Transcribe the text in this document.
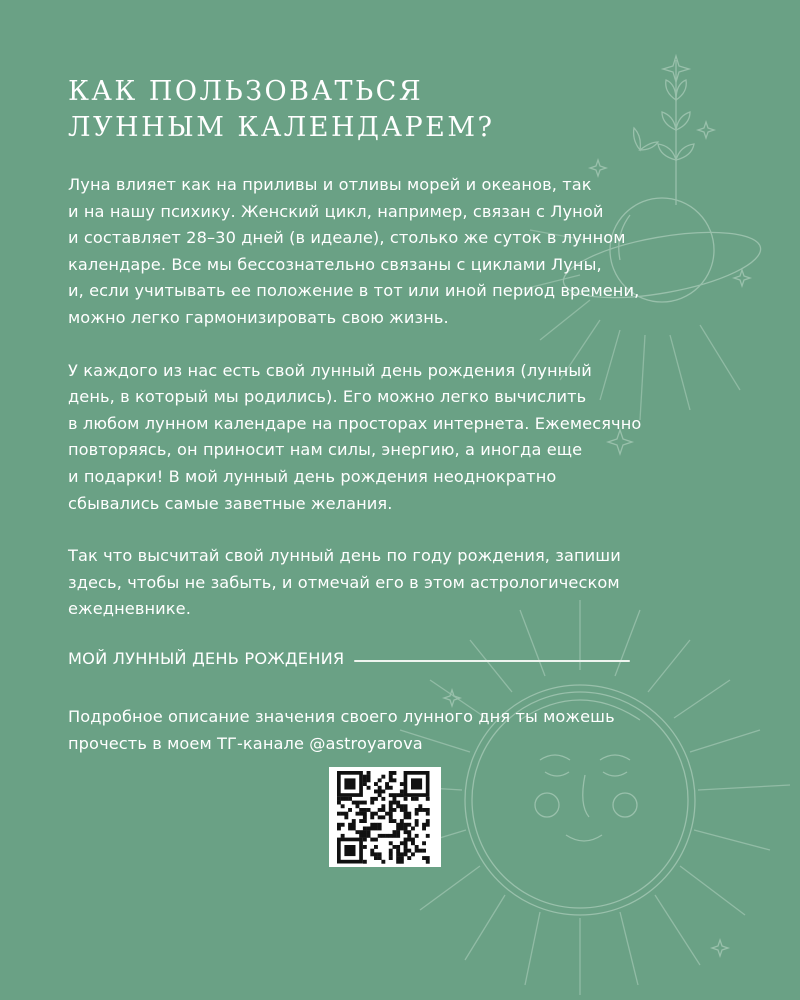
КАК ПОЛЬЗОВАТЬСЯ
ЛУННЫМ КАЛЕНДАРЕМ?
Луна влияет как на приливы и отливы морей и океанов, так
и на нашу психику. Женский цикл, например, связан с Луной
и составляет 28–30 дней (в идеале), столько же суток в лунном
календаре. Все мы бессознательно связаны с циклами Луны,
и, если учитывать ее положение в тот или иной период времени,
можно легко гармонизировать свою жизнь.
У каждого из нас есть свой лунный день рождения (лунный
день, в который мы родились). Его можно легко вычислить
в любом лунном календаре на просторах интернета. Ежемесячно
повторяясь, он приносит нам силы, энергию, а иногда еще
и подарки! В мой лунный день рождения неоднократно
сбывались самые заветные желания.
Так что высчитай свой лунный день по году рождения, запиши
здесь, чтобы не забыть, и отмечай его в этом астрологическом
ежедневнике.
МОЙ ЛУННЫЙ ДЕНЬ РОЖДЕНИЯ
Подробное описание значения своего лунного дня ты можешь
прочесть в моем ТГ-канале @astroyarova
